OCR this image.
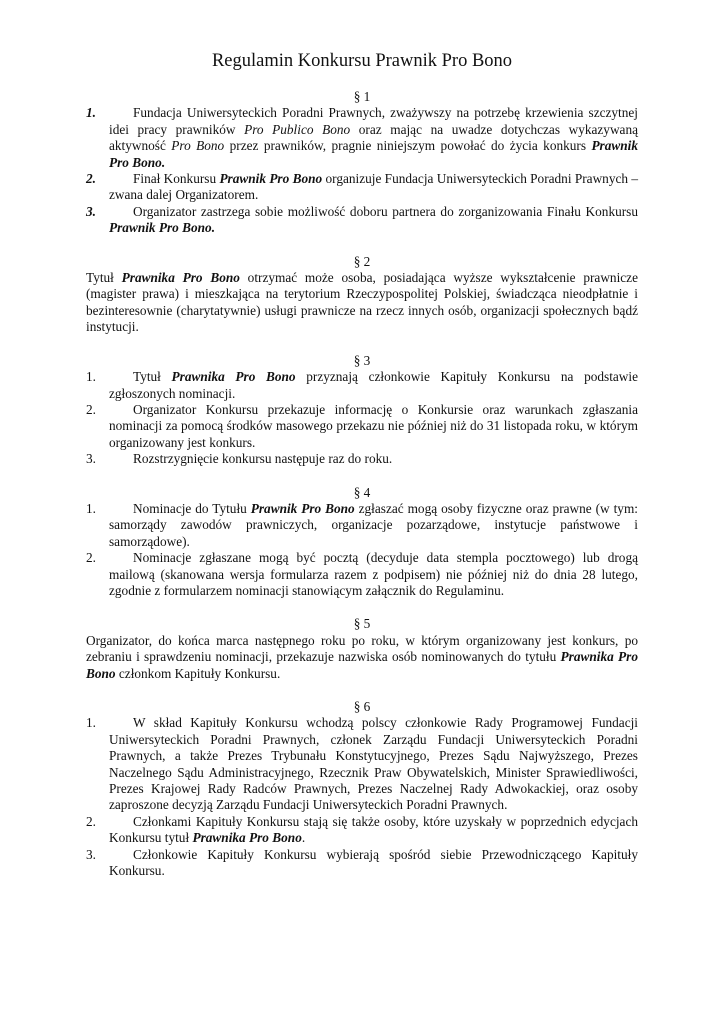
Regulamin Konkursu Prawnik Pro Bono
§ 1
1.	Fundacja Uniwersyteckich Poradni Prawnych, zważywszy na potrzebę krzewienia szczytnej idei pracy prawników Pro Publico Bono oraz mając na uwadze dotychczas wykazywaną aktywność Pro Bono przez prawników, pragnie niniejszym powołać do życia konkurs Prawnik Pro Bono.
2.	Finał Konkursu Prawnik Pro Bono organizuje Fundacja Uniwersyteckich Poradni Prawnych – zwana dalej Organizatorem.
3.	Organizator zastrzega sobie możliwość doboru partnera do zorganizowania Finału Konkursu Prawnik Pro Bono.
§ 2

Tytuł Prawnika Pro Bono otrzymać może osoba, posiadająca wyższe wykształcenie prawnicze (magister prawa) i mieszkająca na terytorium Rzeczypospolitej Polskiej, świadcząca nieodpłatnie i bezinteresownie (charytatywnie) usługi prawnicze na rzecz innych osób, organizacji społecznych bądź instytucji.

§ 3
1.	Tytuł Prawnika Pro Bono przyznają członkowie Kapituły Konkursu na podstawie zgłoszonych nominacji.
2.	Organizator Konkursu przekazuje informację o Konkursie oraz warunkach zgłaszania nominacji za pomocą środków masowego przekazu nie później niż do 31 listopada roku, w którym organizowany jest konkurs.
3.	Rozstrzygnięcie konkursu następuje raz do roku.
§ 4
1.	Nominacje do Tytułu Prawnik Pro Bono zgłaszać mogą osoby fizyczne oraz prawne (w tym: samorządy zawodów prawniczych, organizacje pozarządowe, instytucje państwowe i samorządowe).
2.	Nominacje zgłaszane mogą być pocztą (decyduje data stempla pocztowego) lub drogą mailową (skanowana wersja formularza razem z podpisem) nie później niż do dnia 28 lutego, zgodnie z formularzem nominacji stanowiącym załącznik do Regulaminu.
§ 5

Organizator, do końca marca następnego roku po roku, w którym organizowany jest konkurs, po zebraniu i sprawdzeniu nominacji, przekazuje nazwiska osób nominowanych do tytułu Prawnika Pro Bono członkom Kapituły Konkursu.

§ 6
1.	W skład Kapituły Konkursu wchodzą polscy członkowie Rady Programowej Fundacji Uniwersyteckich Poradni Prawnych, członek Zarządu Fundacji Uniwersyteckich Poradni Prawnych, a także Prezes Trybunału Konstytucyjnego, Prezes Sądu Najwyższego, Prezes Naczelnego Sądu Administracyjnego, Rzecznik Praw Obywatelskich, Minister Sprawiedliwości, Prezes Krajowej Rady Radców Prawnych, Prezes Naczelnej Rady Adwokackiej, oraz osoby zaproszone decyzją Zarządu Fundacji Uniwersyteckich Poradni Prawnych.
2.	Członkami Kapituły Konkursu stają się także osoby, które uzyskały w poprzednich edycjach Konkursu tytuł Prawnika Pro Bono.
3.	Członkowie Kapituły Konkursu wybierają spośród siebie Przewodniczącego Kapituły Konkursu.
